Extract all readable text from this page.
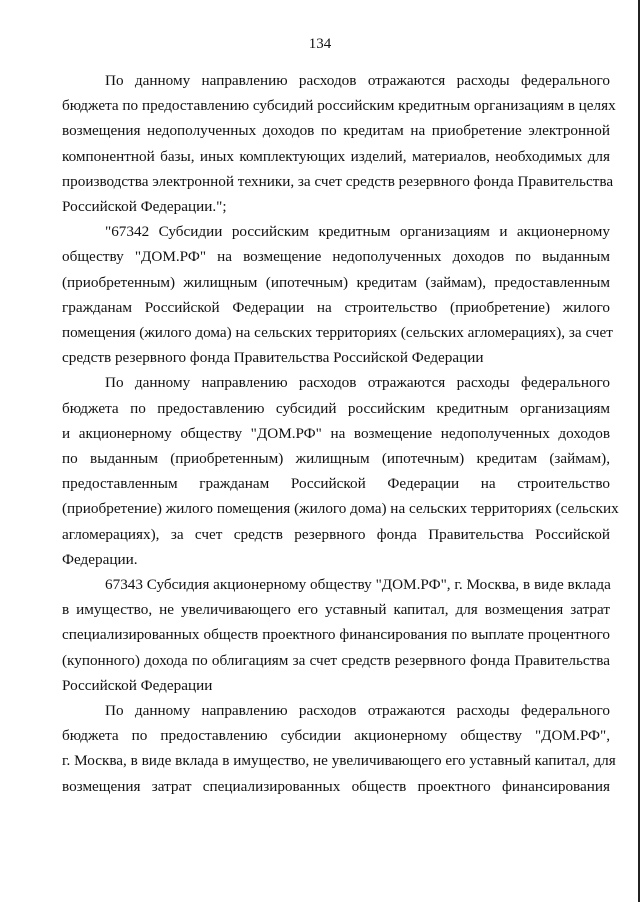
134
По данному направлению расходов отражаются расходы федерального
бюджета по предоставлению субсидий российским кредитным организациям в целях
возмещения недополученных доходов по кредитам на приобретение электронной
компонентной базы, иных комплектующих изделий, материалов, необходимых для
производства электронной техники, за счет средств резервного фонда Правительства
Российской Федерации.";
"67342 Субсидии российским кредитным организациям и акционерному
обществу "ДОМ.РФ" на возмещение недополученных доходов по выданным
(приобретенным) жилищным (ипотечным) кредитам (займам), предоставленным
гражданам Российской Федерации на строительство (приобретение) жилого
помещения (жилого дома) на сельских территориях (сельских агломерациях), за счет
средств резервного фонда Правительства Российской Федерации
По данному направлению расходов отражаются расходы федерального
бюджета по предоставлению субсидий российским кредитным организациям
и акционерному обществу "ДОМ.РФ" на возмещение недополученных доходов
по выданным (приобретенным) жилищным (ипотечным) кредитам (займам),
предоставленным гражданам Российской Федерации на строительство
(приобретение) жилого помещения (жилого дома) на сельских территориях (сельских
агломерациях), за счет средств резервного фонда Правительства Российской
Федерации.
67343 Субсидия акционерному обществу "ДОМ.РФ", г. Москва, в виде вклада
в имущество, не увеличивающего его уставный капитал, для возмещения затрат
специализированных обществ проектного финансирования по выплате процентного
(купонного) дохода по облигациям за счет средств резервного фонда Правительства
Российской Федерации
По данному направлению расходов отражаются расходы федерального
бюджета по предоставлению субсидии акционерному обществу "ДОМ.РФ",
г. Москва, в виде вклада в имущество, не увеличивающего его уставный капитал, для
возмещения затрат специализированных обществ проектного финансирования
